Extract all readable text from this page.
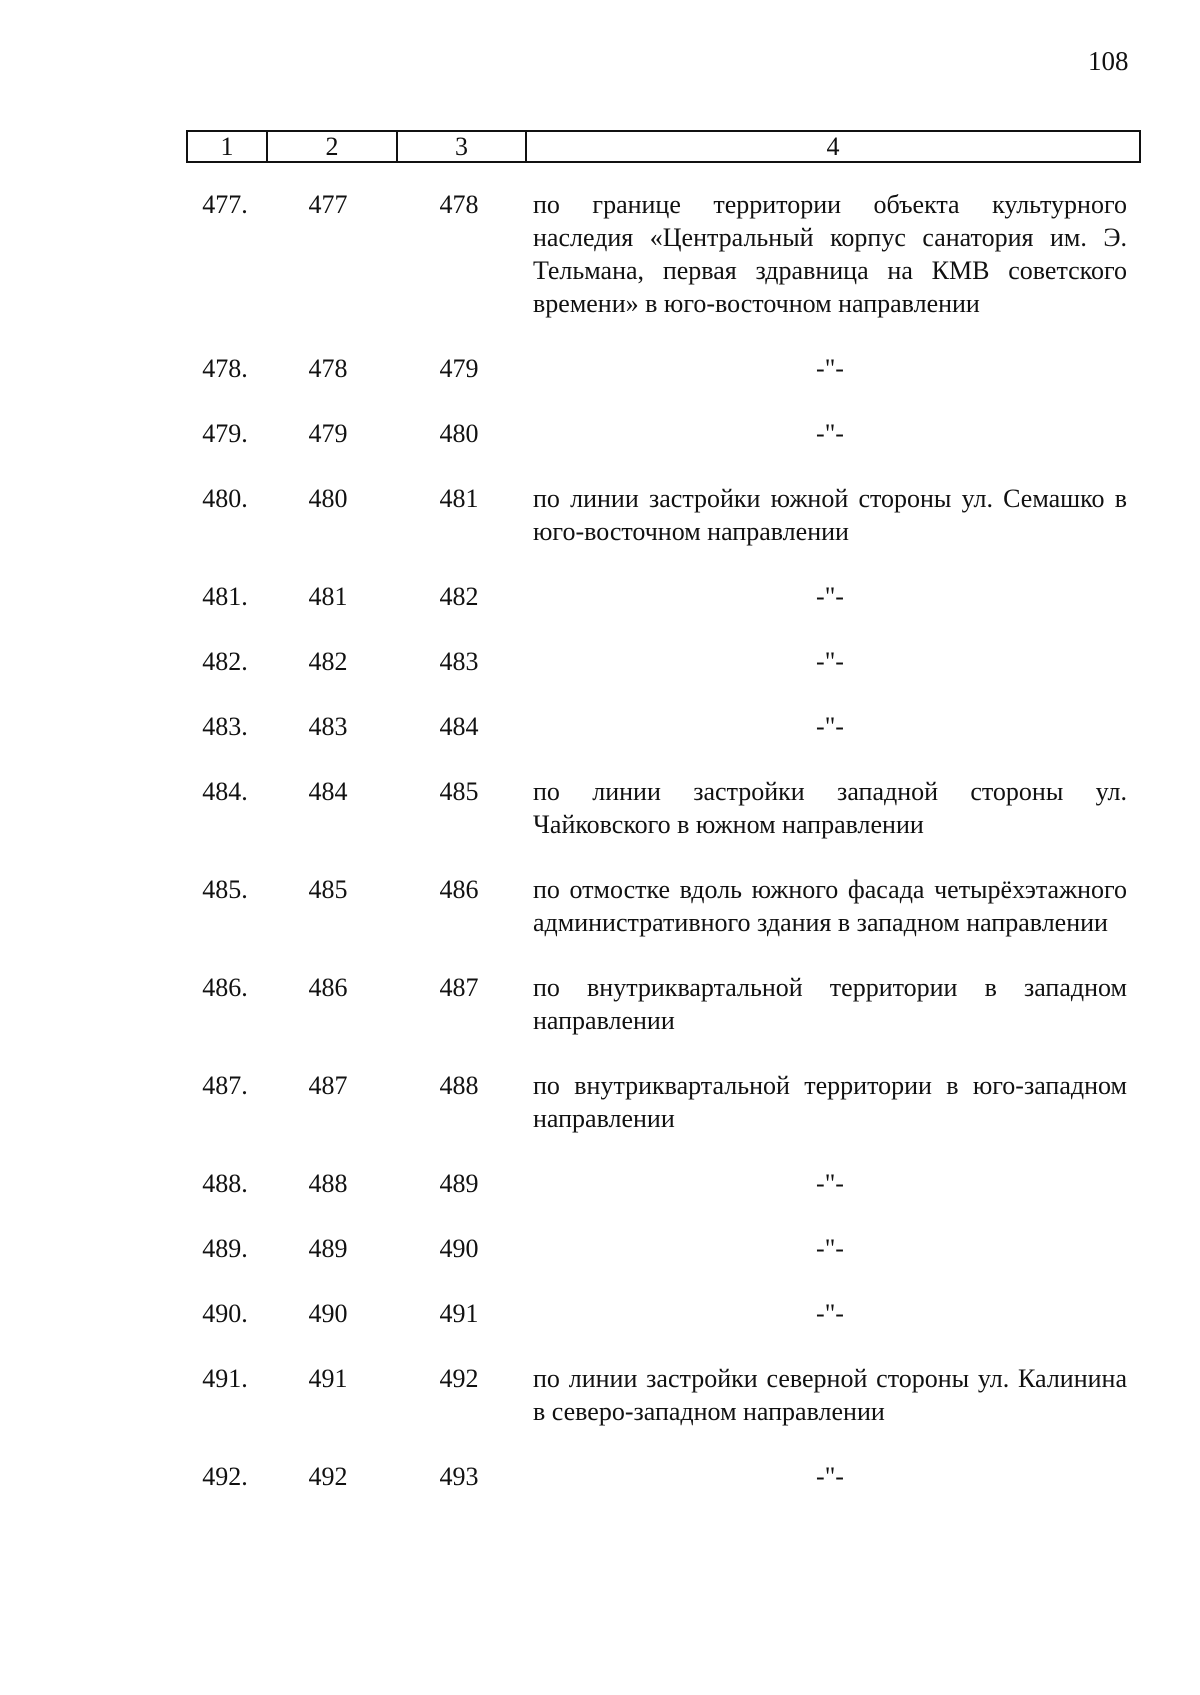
108
1	2	3	4
477.	477	478	по границе территории объекта культурного наследия «Центральный корпус санатория им. Э. Тельмана, первая здравница на КМВ советского времени» в юго-восточном направлении
478.	478	479	-"-
479.	479	480	-"-
480.	480	481	по линии застройки южной стороны ул. Семашко в юго-восточном направлении
481.	481	482	-"-
482.	482	483	-"-
483.	483	484	-"-
484.	484	485	по линии застройки западной стороны ул. Чайковского в южном направлении
485.	485	486	по отмостке вдоль южного фасада четырёхэтажного административного здания в западном направлении
486.	486	487	по внутриквартальной территории в западном направлении
487.	487	488	по внутриквартальной территории в юго-западном направлении
488.	488	489	-"-
489.	489	490	-"-
490.	490	491	-"-
491.	491	492	по линии застройки северной стороны ул. Калинина в северо-западном направлении
492.	492	493	-"-
